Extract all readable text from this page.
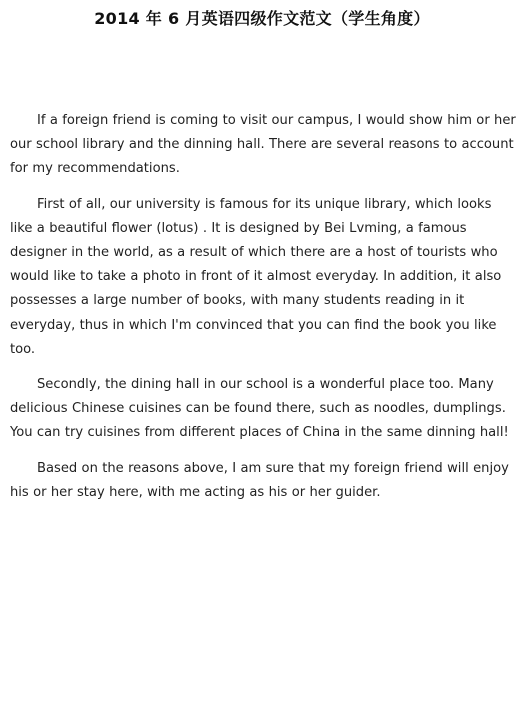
2014 年 6 月英语四级作文范文（学生角度）

If a foreign friend is coming to visit our campus, I would show him or her our school library and the dinning hall. There are several reasons to account for my recommendations.

First of all, our university is famous for its unique library, which looks like a beautiful flower (lotus) . It is designed by Bei Lvming, a famous designer in the world, as a result of which there are a host of tourists who would like to take a photo in front of it almost everyday. In addition, it also possesses a large number of books, with many students reading in it everyday, thus in which I'm convinced that you can find the book you like too.

Secondly, the dining hall in our school is a wonderful place too. Many delicious Chinese cuisines can be found there, such as noodles, dumplings. You can try cuisines from different places of China in the same dinning hall!

Based on the reasons above, I am sure that my foreign friend will enjoy his or her stay here, with me acting as his or her guider.
